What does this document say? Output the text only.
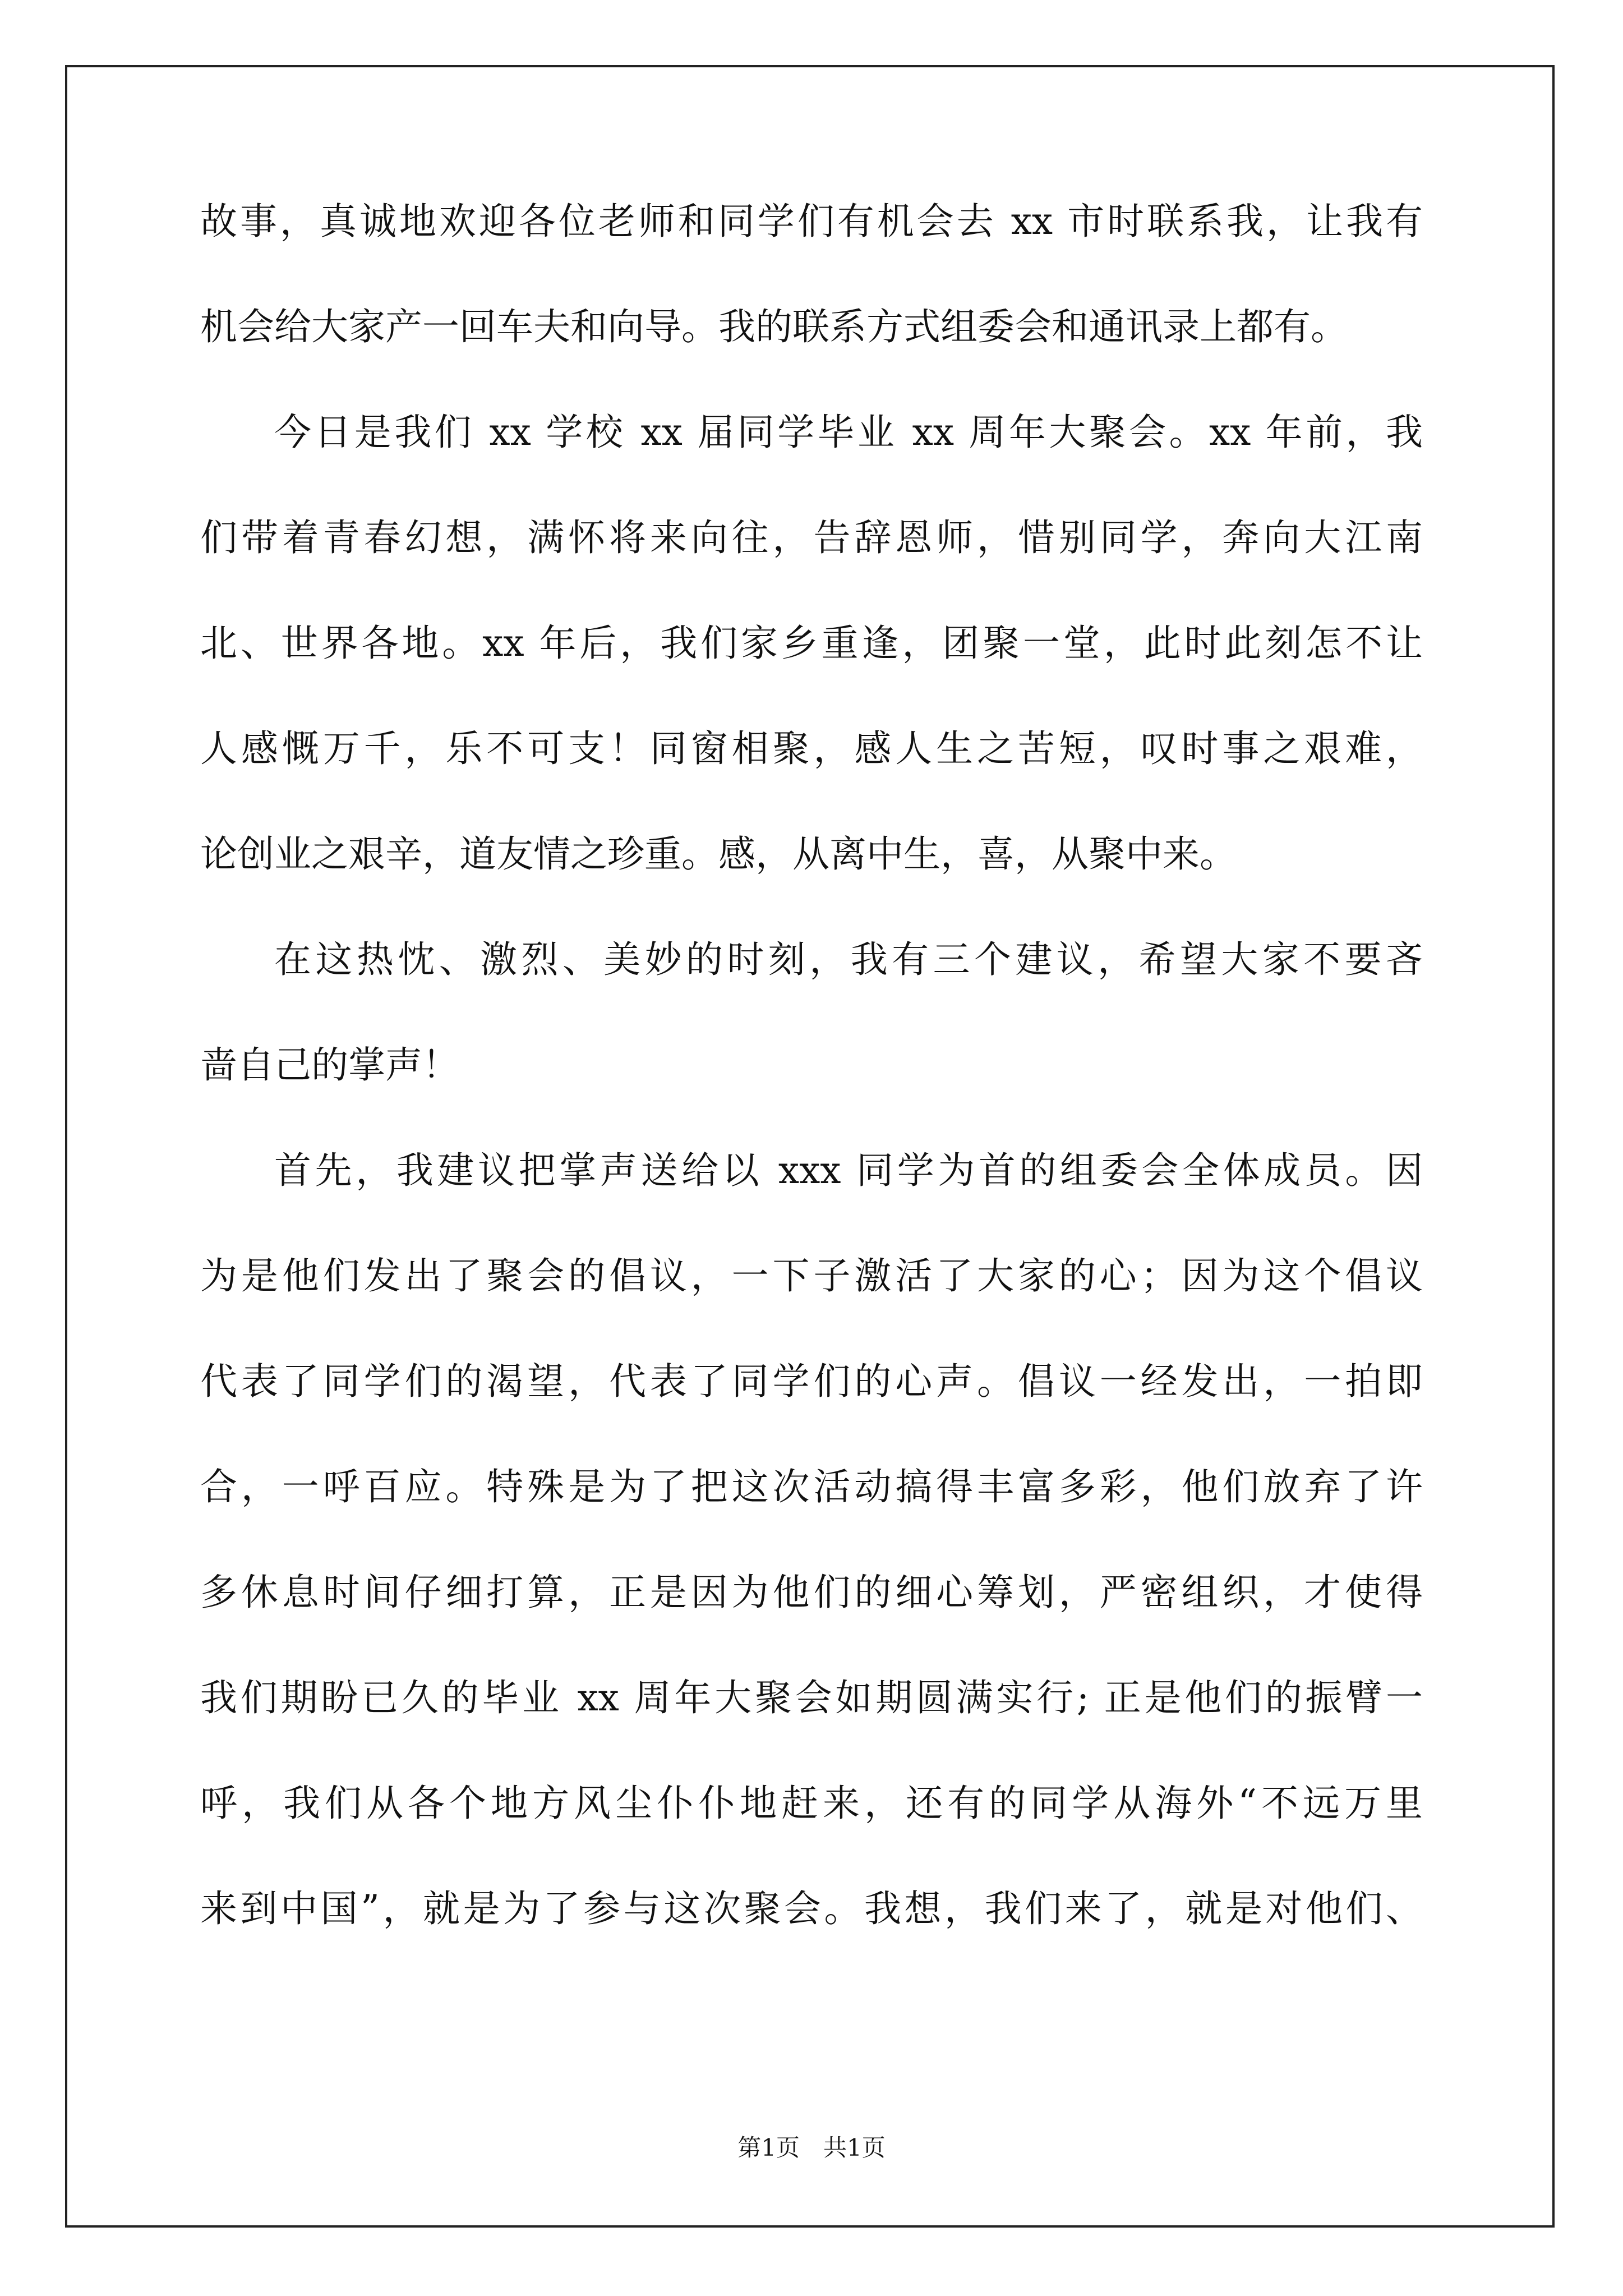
故事，真诚地欢迎各位老师和同学们有机会去 xx 市时联系我，让我有
机会给大家产一回车夫和向导。我的联系方式组委会和通讯录上都有。
今日是我们 xx 学校 xx 届同学毕业 xx 周年大聚会。xx 年前，我
们带着青春幻想，满怀将来向往，告辞恩师，惜别同学，奔向大江南
北、世界各地。xx 年后，我们家乡重逢，团聚一堂，此时此刻怎不让
人感慨万千，乐不可支！同窗相聚，感人生之苦短，叹时事之艰难，
论创业之艰辛，道友情之珍重。感，从离中生，喜，从聚中来。
在这热忱、激烈、美妙的时刻，我有三个建议，希望大家不要吝
啬自己的掌声！
首先，我建议把掌声送给以 xxx 同学为首的组委会全体成员。因
为是他们发出了聚会的倡议，一下子激活了大家的心；因为这个倡议
代表了同学们的渴望，代表了同学们的心声。倡议一经发出，一拍即
合，一呼百应。特殊是为了把这次活动搞得丰富多彩，他们放弃了许
多休息时间仔细打算，正是因为他们的细心筹划，严密组织，才使得
我们期盼已久的毕业 xx 周年大聚会如期圆满实行; 正是他们的振臂一
呼，我们从各个地方风尘仆仆地赶来，还有的同学从海外“不远万里
来到中国”，就是为了参与这次聚会。我想，我们来了，就是对他们、
第1页　共1页
